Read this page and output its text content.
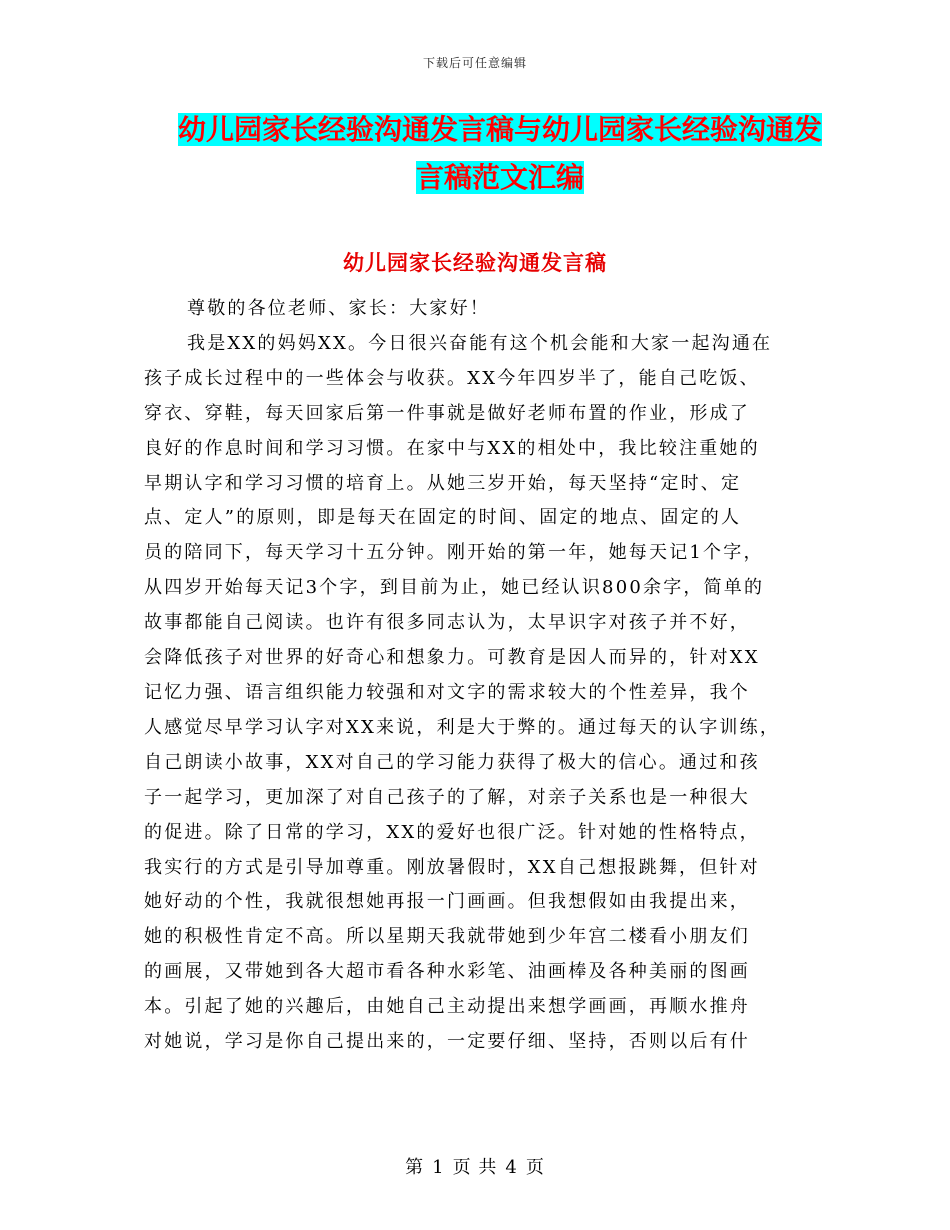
下载后可任意编辑
幼儿园家长经验沟通发言稿与幼儿园家长经验沟通发
言稿范文汇编
幼儿园家长经验沟通发言稿
尊敬的各位老师、家长：大家好！
我是XX的妈妈XX。今日很兴奋能有这个机会能和大家一起沟通在
孩子成长过程中的一些体会与收获。XX今年四岁半了，能自己吃饭、
穿衣、穿鞋，每天回家后第一件事就是做好老师布置的作业，形成了
良好的作息时间和学习习惯。在家中与XX的相处中，我比较注重她的
早期认字和学习习惯的培育上。从她三岁开始，每天坚持“定时、定
点、定人”的原则，即是每天在固定的时间、固定的地点、固定的人
员的陪同下，每天学习十五分钟。刚开始的第一年，她每天记1个字，
从四岁开始每天记3个字，到目前为止，她已经认识800余字，简单的
故事都能自己阅读。也许有很多同志认为，太早识字对孩子并不好，
会降低孩子对世界的好奇心和想象力。可教育是因人而异的，针对XX
记忆力强、语言组织能力较强和对文字的需求较大的个性差异，我个
人感觉尽早学习认字对XX来说，利是大于弊的。通过每天的认字训练，
自己朗读小故事，XX对自己的学习能力获得了极大的信心。通过和孩
子一起学习，更加深了对自己孩子的了解，对亲子关系也是一种很大
的促进。除了日常的学习，XX的爱好也很广泛。针对她的性格特点，
我实行的方式是引导加尊重。刚放暑假时，XX自己想报跳舞，但针对
她好动的个性，我就很想她再报一门画画。但我想假如由我提出来，
她的积极性肯定不高。所以星期天我就带她到少年宫二楼看小朋友们
的画展，又带她到各大超市看各种水彩笔、油画棒及各种美丽的图画
本。引起了她的兴趣后，由她自己主动提出来想学画画，再顺水推舟
对她说，学习是你自己提出来的，一定要仔细、坚持，否则以后有什
第 1 页 共 4 页
